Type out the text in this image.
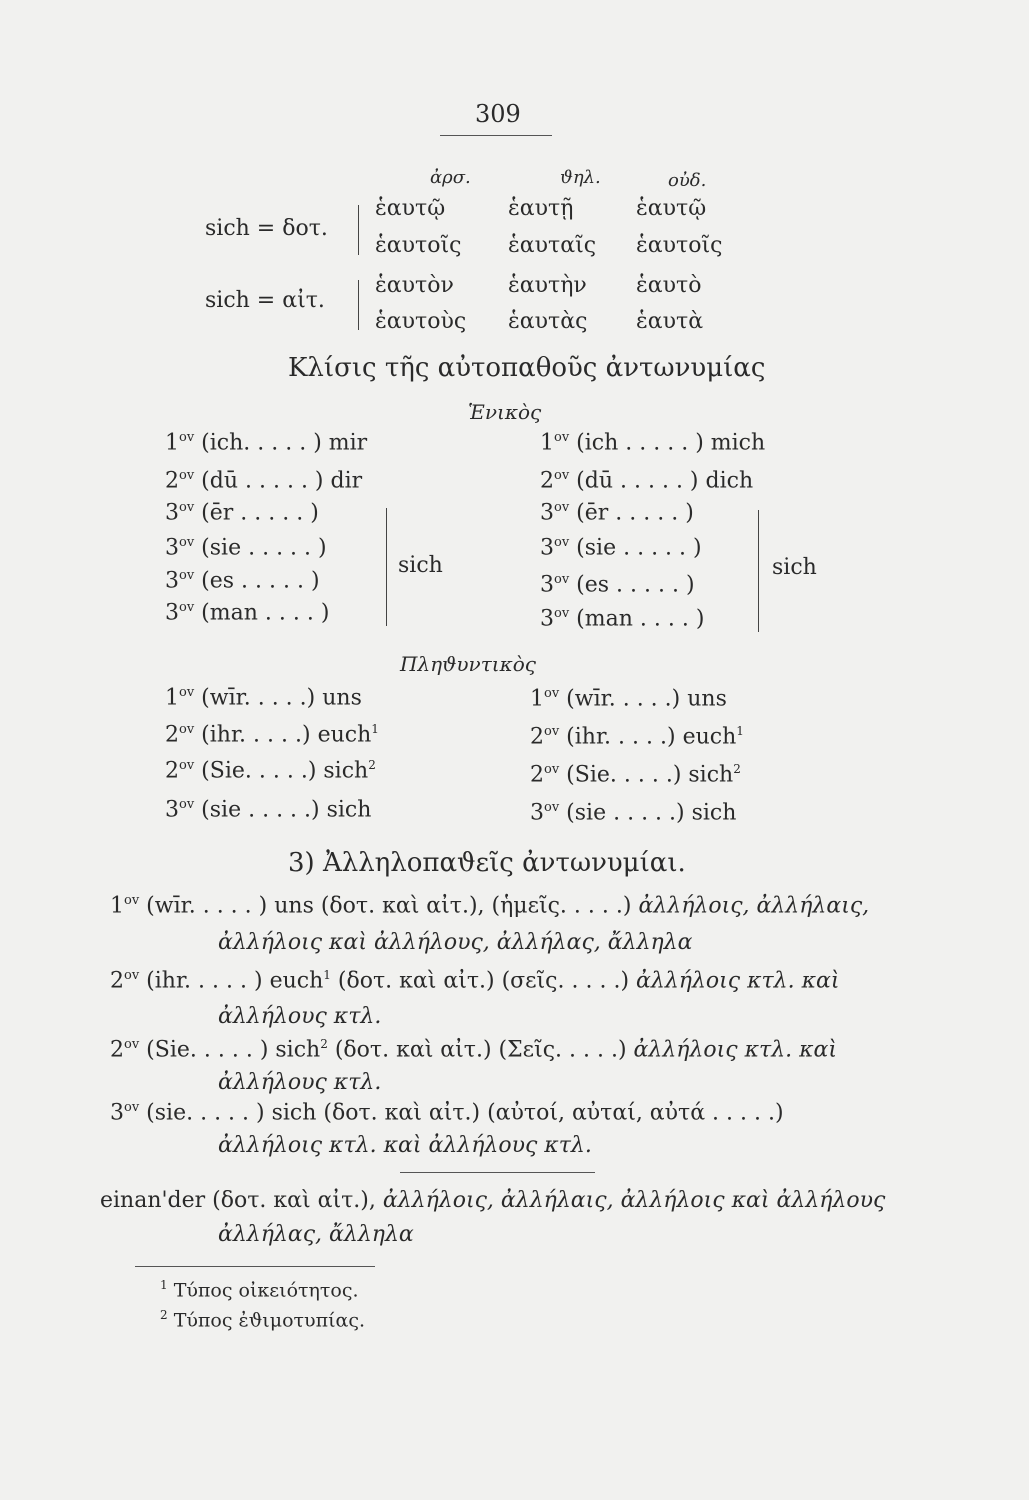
309
ἀρσ.	ϑηλ.	οὐδ.
sich = δοτ.
ἑαυτῷ	ἑαυτῇ	ἑαυτῷ
ἑαυτοῖς ἑαυταῖς ἑαυτοῖς
sich = αἰτ.
ἑαυτὸν ἑαυτὴν ἑαυτὸ
ἑαυτοὺς ἑαυτὰς ἑαυτὰ
Κλίσις τῆς αὐτοπαθοῦς ἀντωνυμίας
Ἑνικὸς
$1^{ov}$ (ich. . . . . ) mir
$2^{ov}$ (dū . . . . . ) dir
$3^{ov}$ (ēr . . . . . )
$3^{ov}$ (sie . . . . . )
$3^{ov}$ (es . . . . . )
$3^{ov}$ (man . . . . )
sich
$1^{ov}$ (ich . . . . . ) mich
$2^{ov}$ (dū . . . . . ) dich
$3^{ov}$ (ēr . . . . . )
$3^{ov}$ (sie . . . . . )
$3^{ov}$ (es . . . . . )
$3^{ov}$ (man . . . . )
sich
Πληϑυντικὸς
$1^{ov}$ (wīr. . . . .) uns
$2^{ov}$ (ihr. . . . .) euch$^1$
$2^{ov}$ (Sie. . . . .) sich$^2$
$3^{ov}$ (sie . . . . .) sich
$1^{ov}$ (wīr. . . . .) uns
$2^{ov}$ (ihr. . . . .) euch$^1$
$2^{ov}$ (Sie. . . . .) sich$^2$
$3^{ov}$ (sie . . . . .) sich
3) Ἀλληλοπαϑεῖς ἀντωνυμίαι.
$1^{ov}$ (wīr. . . . . ) uns (δοτ. καὶ αἰτ.), (ἡμεῖς. . . . .) ἀλλήλοις, ἀλλήλαις,
ἀλλήλοις καὶ ἀλλήλους, ἀλλήλας, ἄλληλα
$2^{ov}$ (ihr. . . . . ) euch$^1$ (δοτ. καὶ αἰτ.) (σεῖς. . . . .) ἀλλήλοις κτλ. καὶ
ἀλλήλους κτλ.
$2^{ov}$ (Sie. . . . . ) sich$^2$ (δοτ. καὶ αἰτ.) (Σεῖς. . . . .) ἀλλήλοις κτλ. καὶ
ἀλλήλους κτλ.
$3^{ov}$ (sie. . . . . ) sich (δοτ. καὶ αἰτ.) (αὐτοί, αὐταί, αὐτά . . . . .)
ἀλλήλοις κτλ. καὶ ἀλλήλους κτλ.
einan'der (δοτ. καὶ αἰτ.), ἀλλήλοις, ἀλλήλαις, ἀλλήλοις καὶ ἀλλήλους
ἀλλήλας, ἄλληλα
$^1$ Τύπος οἰκειότητος.
$^2$ Τύπος ἐϑιμοτυπίας.
